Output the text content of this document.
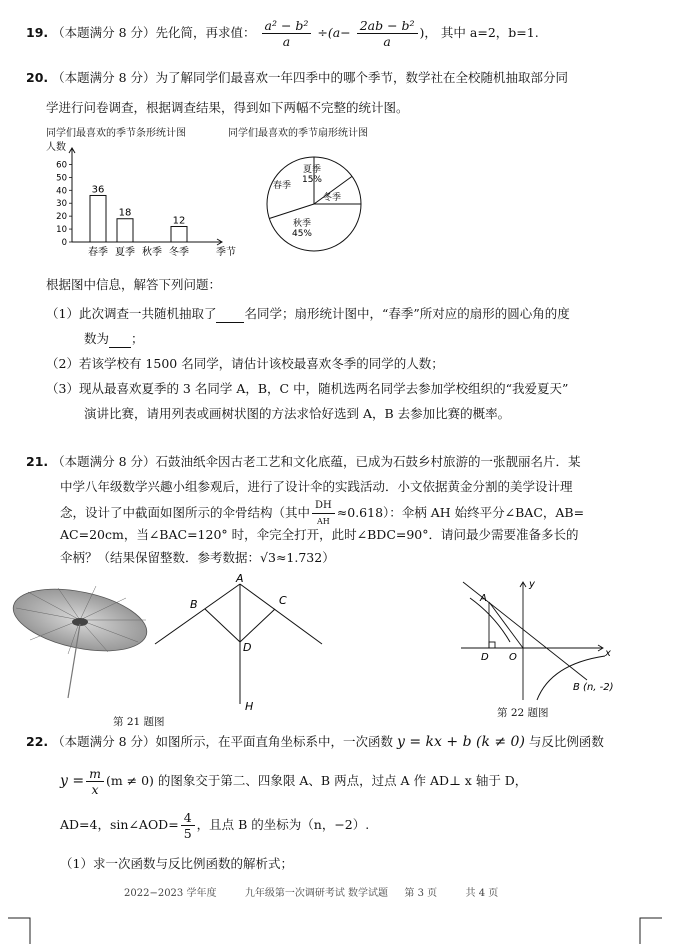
19. （本题满分 8 分）先化简，再求值： $\frac{\text{a² − b²}}{a} \div(a- \frac{\text{2ab − b²}}{a}$ )， 其中 a=2，b=1.
20. （本题满分 8 分）为了解同学们最喜欢一年四季中的哪个季节，数学社在全校随机抽取部分同
学进行问卷调查，根据调查结果，得到如下两幅不完整的统计图。
同学们最喜欢的季节条形统计图	同学们最喜欢的季节扇形统计图
人数
0
10
20
30
40
50
60
36
春季
18
夏季 秋季
12
冬季	季节
春季
夏季
15%
冬季
秋季
45%
根据图中信息，解答下列问题：
（1）此次调查一共随机抽取了 名同学；扇形统计图中，“春季”所对应的扇形的圆心角的度
数为 ；
（2）若该学校有 1500 名同学，请估计该校最喜欢冬季的同学的人数；
（3）现从最喜欢夏季的 3 名同学 A，B，C 中，随机选两名同学去参加学校组织的“我爱夏天”
演讲比赛，请用列表或画树状图的方法求恰好选到 A，B 去参加比赛的概率。
21. （本题满分 8 分）石鼓油纸伞因古老工艺和文化底蕴，已成为石鼓乡村旅游的一张靓丽名片．某
中学八年级数学兴趣小组参观后，进行了设计伞的实践活动．小文依据黄金分割的美学设计理
念，设计了中截面如图所示的伞骨结构（其中 $\frac{DH}{AH} \approx 0.618$）：伞柄 AH 始终平分∠BAC，AB=
AC=20cm，当∠BAC=120° 时，伞完全打开，此时∠BDC=90°．请问最少需要准备多长的
伞柄？（结果保留整数．参考数据：√3≈1.732）
A
B	C
D
H
第 21 题图
y
x
A
D O
B (n, -2)
第 22 题图
22. （本题满分 8 分）如图所示，在平面直角坐标系中，一次函数 y = kx + b (k ≠ 0) 与反比例函数
$y = \frac{m}{x} (m \ne 0)$ 的图象交于第二、四象限 A、B 两点，过点 A 作 AD⊥ x 轴于 D，
AD=4，sin∠AOD= $\frac{4}{5}$ ，且点 B 的坐标为（n，−2）.
（1）求一次函数与反比例函数的解析式；
2022−2023 学年度	九年级第一次调研考试 数学试题 第 3 页	共 4 页
